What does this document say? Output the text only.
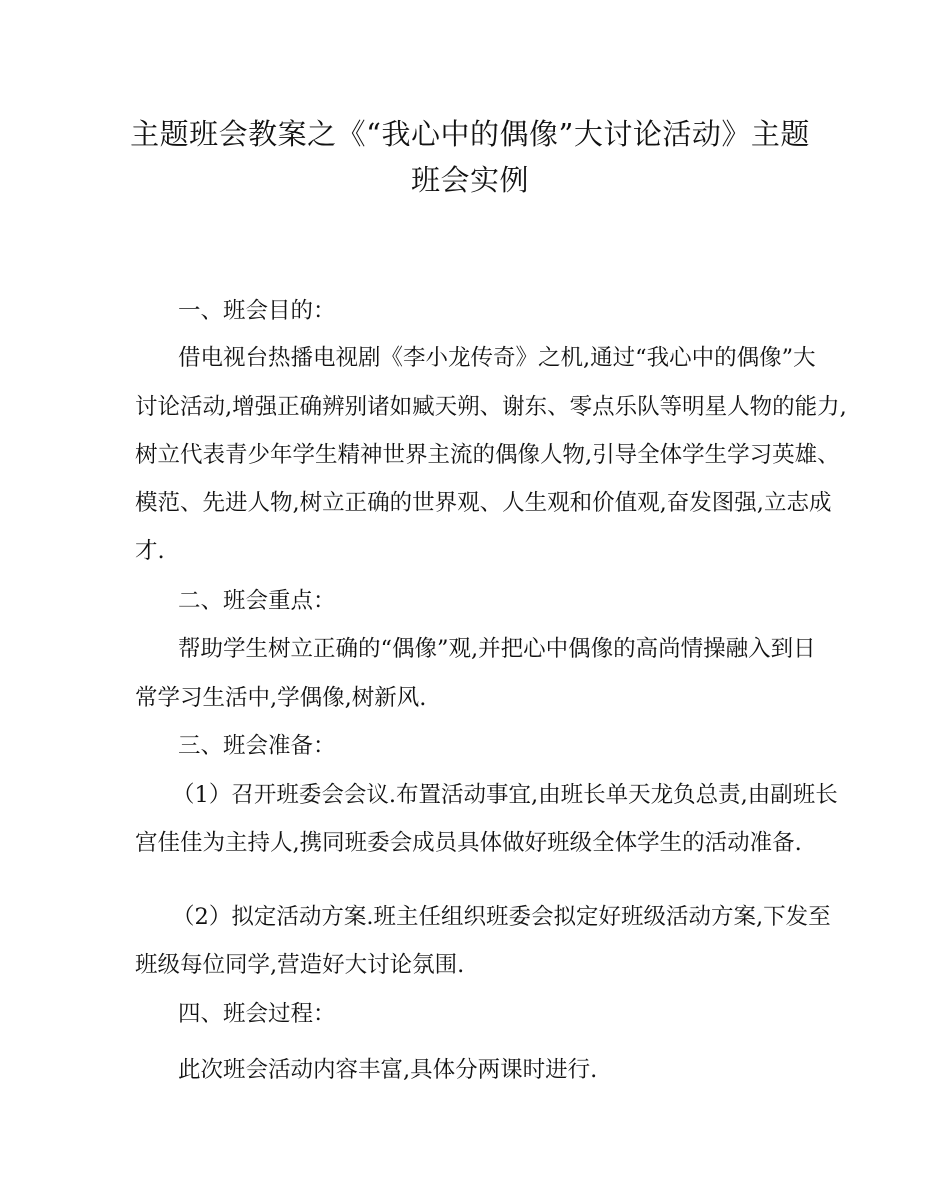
主题班会教案之《“我心中的偶像”大讨论活动》主题
班会实例

一、班会目的：

借电视台热播电视剧《李小龙传奇》之机,通过“我心中的偶像”大

讨论活动,增强正确辨别诸如臧天朔、谢东、零点乐队等明星人物的能力,

树立代表青少年学生精神世界主流的偶像人物,引导全体学生学习英雄、

模范、先进人物,树立正确的世界观、人生观和价值观,奋发图强,立志成

才.

二、班会重点：

帮助学生树立正确的“偶像”观,并把心中偶像的高尚情操融入到日

常学习生活中,学偶像,树新风.

三、班会准备：

（1）召开班委会会议.布置活动事宜,由班长单天龙负总责,由副班长

宫佳佳为主持人,携同班委会成员具体做好班级全体学生的活动准备.

（2）拟定活动方案.班主任组织班委会拟定好班级活动方案,下发至

班级每位同学,营造好大讨论氛围.

四、班会过程：

此次班会活动内容丰富,具体分两课时进行.
